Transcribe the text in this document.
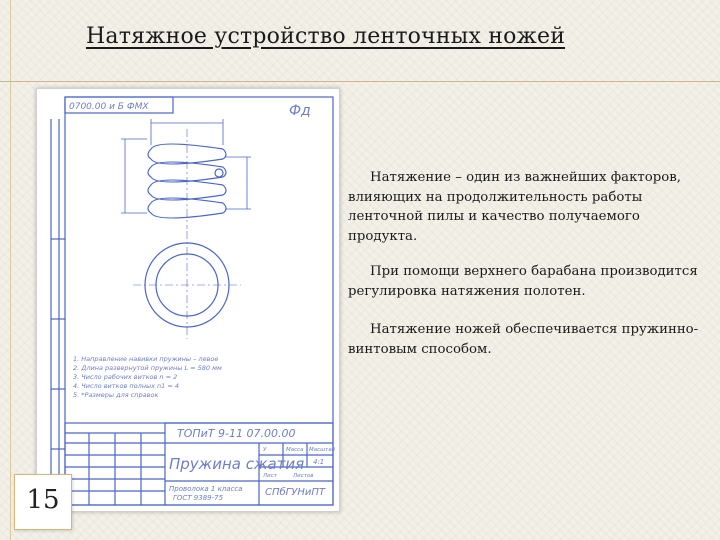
Натяжное устройство ленточных ножей
0700.00 и Б ФМХ	Фд
1. Направление навивки пружины – левое
2. Длина развернутой пружины L = 580 мм
3. Число рабочих витков n = 2
4. Число витков полных n1 = 4
5. *Размеры для справок
ТОПиТ 9-11 07.00.00
Пружина сжатия
У	Масса Масштаб
4:1
Проволока 1 класса
ГОСТ 9389-75	СПбГУНиПТ
Лист	Листов
15
Натяжение – один из важнейших факторов, влияющих на продолжительность работы ленточной пилы и качество получаемого продукта.
При помощи верхнего барабана производится регулировка натяжения полотен.
Натяжение ножей обеспечивается пружинно-винтовым способом.
